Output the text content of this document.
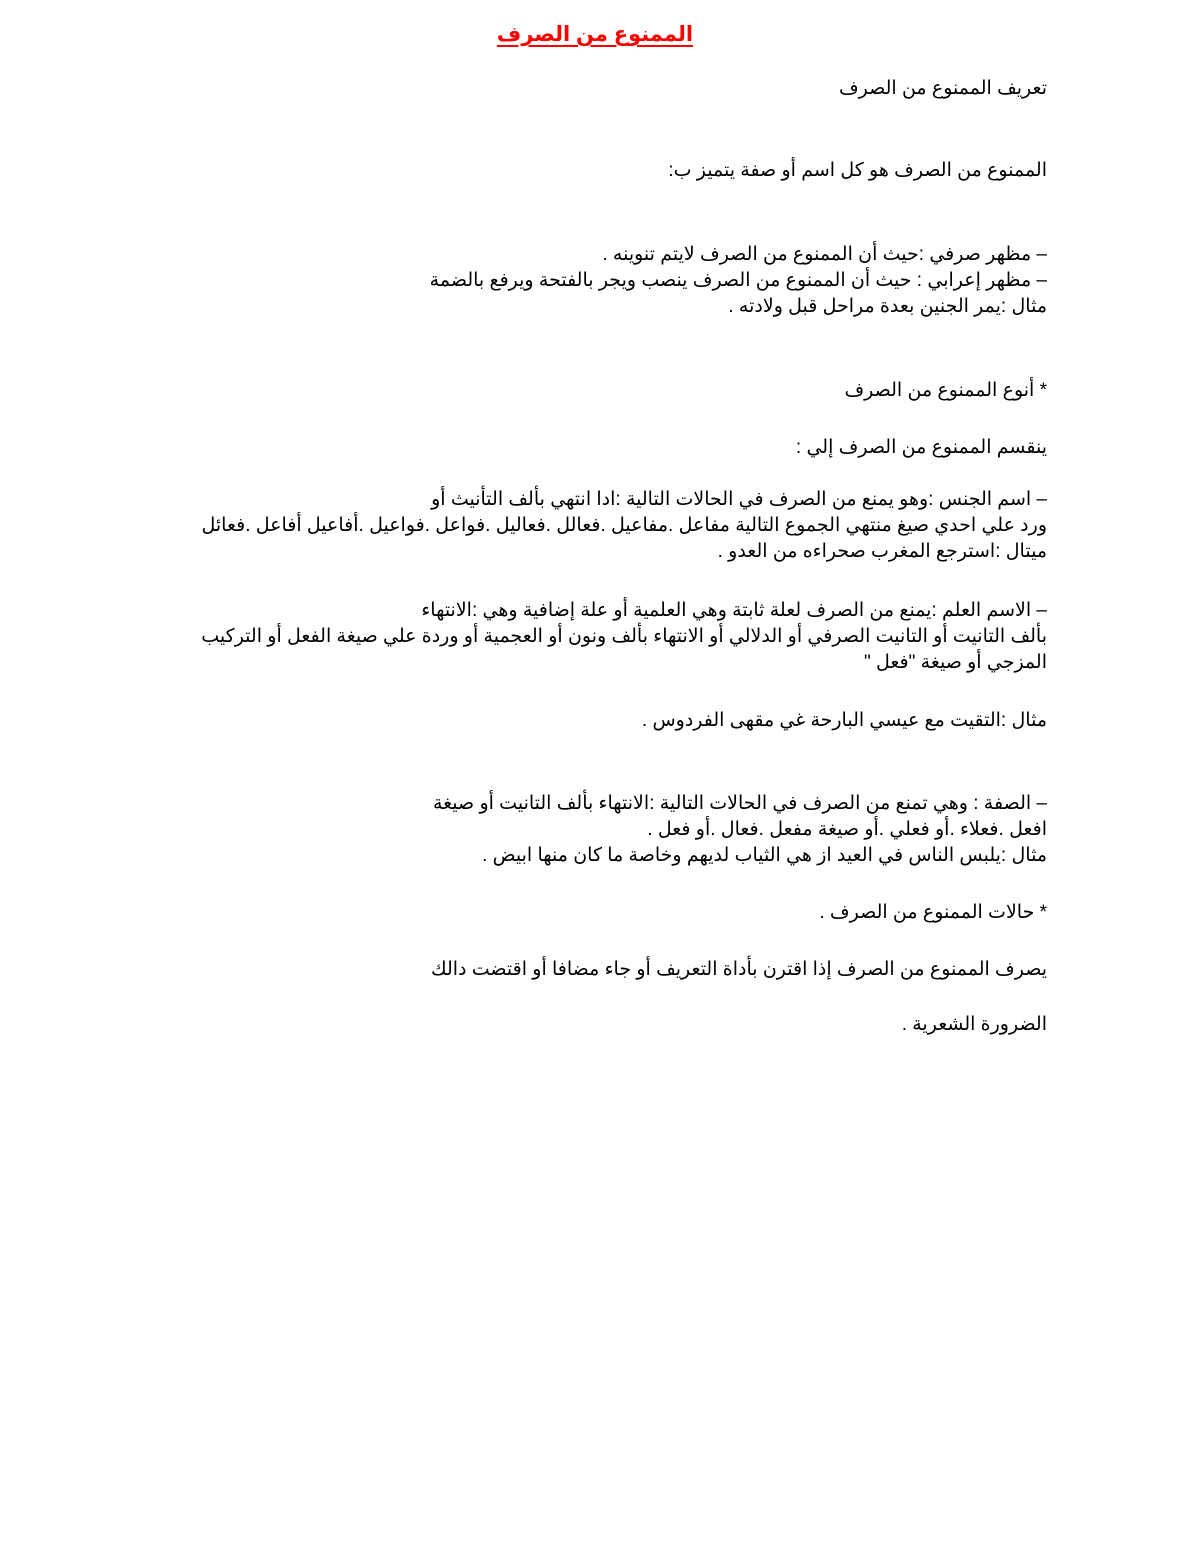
الممنوع من الصرف
تعريف الممنوع من الصرف
الممنوع من الصرف هو كل اسم أو صفة يتميز ب:
– مظهر صرفي :حيث أن الممنوع من الصرف لايتم تنوينه .
– مظهر إعرابي : حيث أن الممنوع من الصرف ينصب ويجر بالفتحة ويرفع بالضمة
مثال :يمر الجنين بعدة مراحل قبل ولادته .
* أنوع الممنوع من الصرف
ينقسم الممنوع من الصرف إلي :
– اسم الجنس :وهو يمنع من الصرف في الحالات التالية :ادا انتهي بألف التأنيث أو
ورد علي احدي صيغ منتهي الجموع التالية مفاعل .مفاعيل .فعالل .فعاليل .فواعل .فواعيل .أفاعيل أفاعل .فعائل
ميتال :استرجع المغرب صحراءه من العدو .
– الاسم العلم :يمنع من الصرف لعلة ثابتة وهي العلمية أو علة إضافية وهي :الانتهاء
بألف التانيت أو التانيت الصرفي أو الدلالي أو الانتهاء بألف ونون أو العجمية أو وردة علي صيغة الفعل أو التركيب
المزجي أو صيغة "فعل "
مثال :التقيت مع عيسي البارحة غي مقهى الفردوس .
– الصفة : وهي تمنع من الصرف في الحالات التالية :الانتهاء بألف التانيت أو صيغة
افعل .فعلاء .أو فعلي .أو صيغة مفعل .فعال .أو فعل .
مثال :يلبس الناس في العيد از هي الثياب لديهم وخاصة ما كان منها ابيض .
* حالات الممنوع من الصرف .
يصرف الممنوع من الصرف إذا اقترن بأداة التعريف أو جاء مضافا أو اقتضت دالك
الضرورة الشعرية .
